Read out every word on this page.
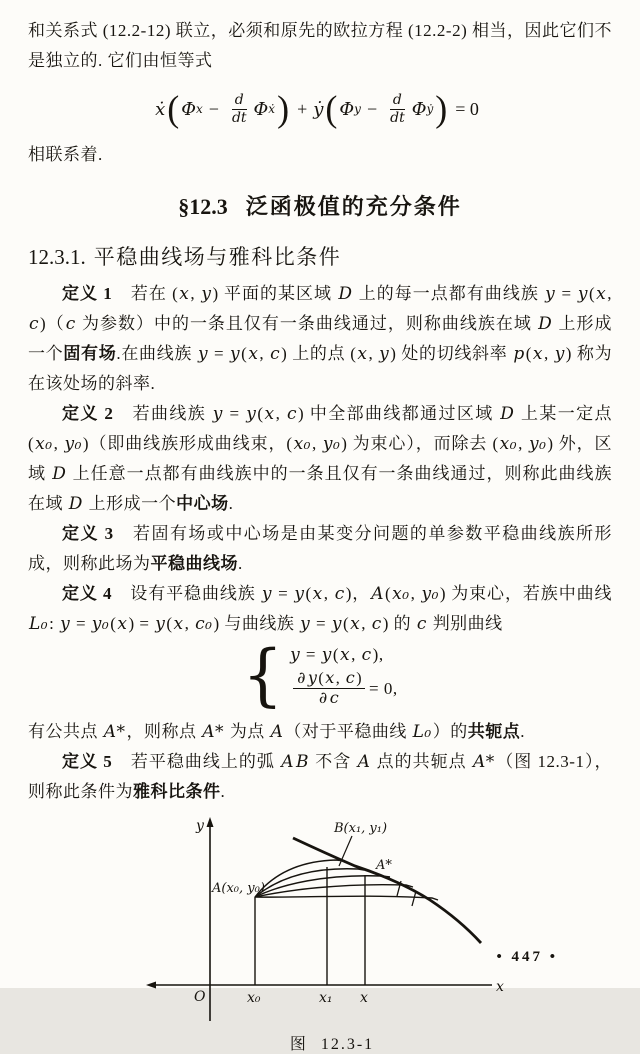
和关系式 (12.2-12) 联立，必须和原先的欧拉方程 (12.2-2) 相当，因此它们不是独立的. 它们由恒等式

ẋ ( Φ $x - \frac{d}{dt}$ Φ ẋ ) + ẏ ( Φ $y - \frac{d}{dt}$ Φ ẏ ) = 0

相联系着.

§12.3 泛函极值的充分条件
12.3.1. 平稳曲线场与雅科比条件

定义 1　若在 (x, y) 平面的某区域 D 上的每一点都有曲线族 y = y(x, c)（c 为参数）中的一条且仅有一条曲线通过，则称曲线族在域 D 上形成一个固有场.在曲线族 y = y(x, c) 上的点 (x, y) 处的切线斜率 p(x, y) 称为在该处场的斜率.

定义 2　若曲线族 y = y(x, c) 中全部曲线都通过区域 D 上某一定点 (x₀, y₀)（即曲线族形成曲线束，(x₀, y₀) 为束心），而除去 (x₀, y₀) 外，区域 D 上任意一点都有曲线族中的一条且仅有一条曲线通过，则称此曲线族在域 D 上形成一个中心场.

定义 3　若固有场或中心场是由某变分问题的单参数平稳曲线族所形成，则称此场为平稳曲线场.

定义 4　设有平稳曲线族 y = y(x, c)，A(x₀, y₀) 为束心，若族中曲线 L₀: y = y₀(x) = y(x, c₀) 与曲线族 y = y(x, c) 的 c 判别曲线

{ y = y(x, c),
$\frac{\partial y(x, c)}{\partial c} = 0$,

有公共点 A*，则称点 A* 为点 A（对于平稳曲线 L₀）的共轭点.

定义 5　若平稳曲线上的弧 A B 不含 A 点的共轭点 A*（图 12.3-1），则称此条件为雅科比条件.

y
x
O	x₀	x₁ x
A(x₀, y₀)
B(x₁, y₁)
A*
图 12.3-1
• 447 •
